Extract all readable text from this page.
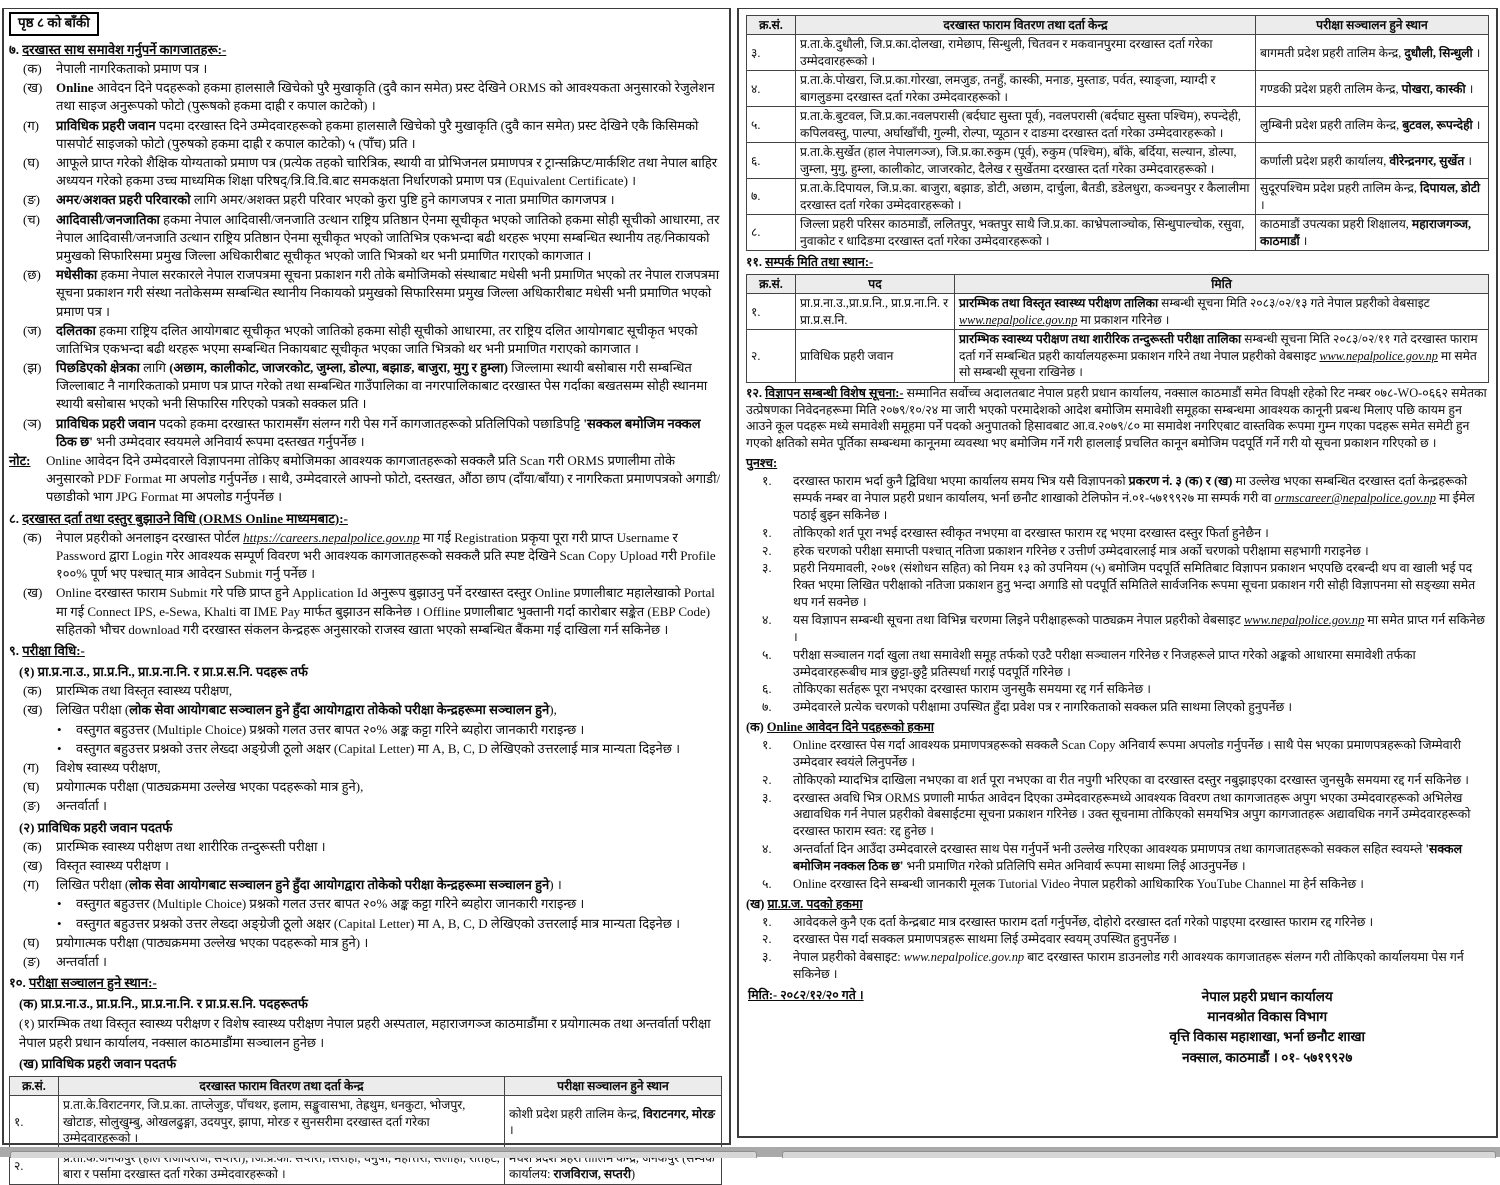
पृष्ठ ८ को बाँकी

७. दरखास्त साथ समावेश गर्नुपर्ने कागजातहरू:-

(क)	नेपाली नागरिकताको प्रमाण पत्र ।
(ख)	Online आवेदन दिने पदहरूको हकमा हालसालै खिचेको पुरै मुखाकृति (दुवै कान समेत) प्रस्ट देखिने ORMS को आवश्यकता अनुसारको रेजुलेशन तथा साइज अनुरूपको फोटो (पुरूषको हकमा दाह्री र कपाल काटेको) ।
(ग)	प्राविधिक प्रहरी जवान पदमा दरखास्त दिने उम्मेदवारहरूको हकमा हालसालै खिचेको पुरै मुखाकृति (दुवै कान समेत) प्रस्ट देखिने एकै किसिमको पासपोर्ट साइजको फोटो (पुरुषको हकमा दाह्री र कपाल काटेको) ५ (पाँच) प्रति ।
(घ)	आफूले प्राप्त गरेको शैक्षिक योग्यताको प्रमाण पत्र (प्रत्येक तहको चारित्रिक, स्थायी वा प्रोभिजनल प्रमाणपत्र र ट्रान्सक्रिप्ट/मार्कशिट तथा नेपाल बाहिर अध्ययन गरेको हकमा उच्च माध्यमिक शिक्षा परिषद्/त्रि.वि.वि.बाट समकक्षता निर्धारणको प्रमाण पत्र (Equivalent Certificate) ।
(ङ)	अमर/अशक्त प्रहरी परिवारको लागि अमर/अशक्त प्रहरी परिवार भएको कुरा पुष्टि हुने कागजपत्र र नाता प्रमाणित कागजपत्र ।
(च)	आदिवासी/जनजातिका हकमा नेपाल आदिवासी/जनजाति उत्थान राष्ट्रिय प्रतिष्ठान ऐनमा सूचीकृत भएको जातिको हकमा सोही सूचीको आधारमा, तर नेपाल आदिवासी/जनजाति उत्थान राष्ट्रिय प्रतिष्ठान ऐनमा सूचीकृत भएको जातिभित्र एकभन्दा बढी थरहरू भएमा सम्बन्धित स्थानीय तह/निकायको प्रमुखको सिफारिसमा प्रमुख जिल्ला अधिकारीबाट सूचीकृत भएको जाति भित्रको थर भनी प्रमाणित गराएको कागजात ।
(छ)	मधेसीका हकमा नेपाल सरकारले नेपाल राजपत्रमा सूचना प्रकाशन गरी तोके बमोजिमको संस्थाबाट मधेसी भनी प्रमाणित भएको तर नेपाल राजपत्रमा सूचना प्रकाशन गरी संस्था नतोकेसम्म सम्बन्धित स्थानीय निकायको प्रमुखको सिफारिसमा प्रमुख जिल्ला अधिकारीबाट मधेसी भनी प्रमाणित भएको प्रमाण पत्र ।
(ज)	दलितका हकमा राष्ट्रिय दलित आयोगबाट सूचीकृत भएको जातिको हकमा सोही सूचीको आधारमा, तर राष्ट्रिय दलित आयोगबाट सूचीकृत भएको जातिभित्र एकभन्दा बढी थरहरू भएमा सम्बन्धित निकायबाट सूचीकृत भएका जाति भित्रको थर भनी प्रमाणित गराएको कागजात ।
(झ)	पिछडिएको क्षेत्रका लागि (अछाम, कालीकोट, जाजरकोट, जुम्ला, डोल्पा, बझाङ, बाजुरा, मुगु र हुम्ला) जिल्लामा स्थायी बसोबास गरी सम्बन्धित जिल्लाबाट नै नागरिकताको प्रमाण पत्र प्राप्त गरेको तथा सम्बन्धित गाउँपालिका वा नगरपालिकाबाट दरखास्त पेस गर्दाका बखतसम्म सोही स्थानमा स्थायी बसोबास भएको भनी सिफारिस गरिएको पत्रको सक्कल प्रति ।
(ञ)	प्राविधिक प्रहरी जवान पदको हकमा दरखास्त फारामसँग संलग्न गरी पेस गर्ने कागजातहरूको प्रतिलिपिको पछाडिपट्टि 'सक्कल बमोजिम नक्कल ठिक छ' भनी उम्मेदवार स्वयमले अनिवार्य रूपमा दस्तखत गर्नुपर्नेछ ।
नोट:	Online आवेदन दिने उम्मेदवारले विज्ञापनमा तोकिए बमोजिमका आवश्यक कागजातहरूको सक्कलै प्रति Scan गरी ORMS प्रणालीमा तोके अनुसारको PDF Format मा अपलोड गर्नुपर्नेछ । साथै, उम्मेदवारले आफ्नो फोटो, दस्तखत, औंठा छाप (दाँया/बाँया) र नागरिकता प्रमाणपत्रको अगाडी/पछाडीको भाग JPG Format मा अपलोड गर्नुपर्नेछ ।

८. दरखास्त दर्ता तथा दस्तुर बुझाउने विधि (ORMS Online माध्यमबाट):-

(क)	नेपाल प्रहरीको अनलाइन दरखास्त पोर्टल https://careers.nepalpolice.gov.np मा गई Registration प्रकृया पूरा गरी प्राप्त Username र Password द्वारा Login गरेर आवश्यक सम्पूर्ण विवरण भरी आवश्यक कागजातहरूको सक्कलै प्रति स्पष्ट देखिने Scan Copy Upload गरी Profile १००% पूर्ण भए पश्चात् मात्र आवेदन Submit गर्नु पर्नेछ ।
(ख)	Online दरखास्त फाराम Submit गरे पछि प्राप्त हुने Application Id अनुरूप बुझाउनु पर्ने दरखास्त दस्तुर Online प्रणालीबाट महालेखाको Portal मा गई Connect IPS, e-Sewa, Khalti वा IME Pay मार्फत बुझाउन सकिनेछ । Offline प्रणालीबाट भुक्तानी गर्दा कारोबार सङ्केत (EBP Code) सहितको भौचर download गरी दरखास्त संकलन केन्द्रहरू अनुसारको राजस्व खाता भएको सम्बन्धित बैंकमा गई दाखिला गर्न सकिनेछ ।

९. परीक्षा विधि:-

(१) प्रा.प्र.ना.उ., प्रा.प्र.नि., प्रा.प्र.ना.नि. र प्रा.प्र.स.नि. पदहरू तर्फ

(क)	प्रारम्भिक तथा विस्तृत स्वास्थ्य परीक्षण,
(ख)	लिखित परीक्षा (लोक सेवा आयोगबाट सञ्चालन हुने हुँदा आयोगद्वारा तोकेको परीक्षा केन्द्रहरूमा सञ्चालन हुने),
•	वस्तुगत बहुउत्तर (Multiple Choice) प्रश्नको गलत उत्तर बापत २०% अङ्क कट्टा गरिने ब्यहोरा जानकारी गराइन्छ ।
•	वस्तुगत बहुउत्तर प्रश्नको उत्तर लेख्दा अङ्ग्रेजी ठूलो अक्षर (Capital Letter) मा A, B, C, D लेखिएको उत्तरलाई मात्र मान्यता दिइनेछ ।
(ग)	विशेष स्वास्थ्य परीक्षण,
(घ)	प्रयोगात्मक परीक्षा (पाठ्यक्रममा उल्लेख भएका पदहरूको मात्र हुने),
(ङ)	अन्तर्वार्ता ।

(२) प्राविधिक प्रहरी जवान पदतर्फ

(क)	प्रारम्भिक स्वास्थ्य परीक्षण तथा शारीरिक तन्दुरूस्ती परीक्षा ।
(ख)	विस्तृत स्वास्थ्य परीक्षण ।
(ग)	लिखित परीक्षा (लोक सेवा आयोगबाट सञ्चालन हुने हुँदा आयोगद्वारा तोकेको परीक्षा केन्द्रहरूमा सञ्चालन हुने) ।
•	वस्तुगत बहुउत्तर (Multiple Choice) प्रश्नको गलत उत्तर बापत २०% अङ्क कट्टा गरिने ब्यहोरा जानकारी गराइन्छ ।
•	वस्तुगत बहुउत्तर प्रश्नको उत्तर लेख्दा अङ्ग्रेजी ठूलो अक्षर (Capital Letter) मा A, B, C, D लेखिएको उत्तरलाई मात्र मान्यता दिइनेछ ।
(घ)	प्रयोगात्मक परीक्षा (पाठ्यक्रममा उल्लेख भएका पदहरूको मात्र हुने) ।
(ङ)	अन्तर्वार्ता ।

१०. परीक्षा सञ्चालन हुने स्थान:-

(क) प्रा.प्र.ना.उ., प्रा.प्र.नि., प्रा.प्र.ना.नि. र प्रा.प्र.स.नि. पदहरूतर्फ

(१) प्रारम्भिक तथा विस्तृत स्वास्थ्य परीक्षण र विशेष स्वास्थ्य परीक्षण नेपाल प्रहरी अस्पताल, महाराजगञ्ज काठमाडौंमा र प्रयोगात्मक तथा अन्तर्वार्ता परीक्षा नेपाल प्रहरी प्रधान कार्यालय, नक्साल काठमाडौंमा सञ्चालन हुनेछ ।

(ख) प्राविधिक प्रहरी जवान पदतर्फ

क्र.सं.	दरखास्त फाराम वितरण तथा दर्ता केन्द्र	परीक्षा सञ्चालन हुने स्थान
१.	प्र.ता.के.विराटनगर, जि.प्र.का. ताप्लेजुङ, पाँचथर, इलाम, सङ्खुवासभा, तेह्रथुम, धनकुटा, भोजपुर, खोटाङ, सोलुखुम्बु, ओखलढुङ्गा, उदयपुर, झापा, मोरङ र सुनसरीमा दरखास्त दर्ता गरेका उम्मेदवारहरूको ।	कोशी प्रदेश प्रहरी तालिम केन्द्र, विराटनगर, मोरङ ।
२.	बारा र पर्सामा दरखास्त दर्ता गरेका उम्मेदवारहरूको ।	कार्यालय: राजविराज, सप्तरी)
क्र.सं.	दरखास्त फाराम वितरण तथा दर्ता केन्द्र	परीक्षा सञ्चालन हुने स्थान
३.	प्र.ता.के.दुधौली, जि.प्र.का.दोलखा, रामेछाप, सिन्धुली, चितवन र मकवानपुरमा दरखास्त दर्ता गरेका उम्मेदवारहरूको ।	बागमती प्रदेश प्रहरी तालिम केन्द्र, दुधौली, सिन्धुली ।
४.	प्र.ता.के.पोखरा, जि.प्र.का.गोरखा, लमजुङ, तनहुँ, कास्की, मनाङ, मुस्ताङ, पर्वत, स्याङ्जा, म्याग्दी र बागलुङमा दरखास्त दर्ता गरेका उम्मेदवारहरूको ।	गण्डकी प्रदेश प्रहरी तालिम केन्द्र, पोखरा, कास्की ।
५.	प्र.ता.के.बुटवल, जि.प्र.का.नवलपरासी (बर्दघाट सुस्ता पूर्व), नवलपरासी (बर्दघाट सुस्ता पश्चिम), रुपन्देही, कपिलवस्तु, पाल्पा, अर्घाखाँची, गुल्मी, रोल्पा, प्यूठान र दाङमा दरखास्त दर्ता गरेका उम्मेदवारहरूको ।	लुम्बिनी प्रदेश प्रहरी तालिम केन्द्र, बुटवल, रूपन्देही ।
६.	प्र.ता.के.सुर्खेत (हाल नेपालगञ्ज), जि.प्र.का.रुकुम (पूर्व), रुकुम (पश्चिम), बाँके, बर्दिया, सल्यान, डोल्पा, जुम्ला, मुगु, हुम्ला, कालीकोट, जाजरकोट, दैलेख र सुर्खेतमा दरखास्त दर्ता गरेका उम्मेदवारहरूको ।	कर्णाली प्रदेश प्रहरी कार्यालय, वीरेन्द्रनगर, सुर्खेत ।
७.	प्र.ता.के.दिपायल, जि.प्र.का. बाजुरा, बझाङ, डोटी, अछाम, दार्चुला, बैतडी, डडेलधुरा, कञ्चनपुर र कैलालीमा दरखास्त दर्ता गरेका उम्मेदवारहरूको ।	सुदूरपश्चिम प्रदेश प्रहरी तालिम केन्द्र, दिपायल, डोटी ।
८.	जिल्ला प्रहरी परिसर काठमाडौं, ललितपुर, भक्तपुर साथै जि.प्र.का. काभ्रेपलाञ्चोक, सिन्धुपाल्चोक, रसुवा, नुवाकोट र धादिङमा दरखास्त दर्ता गरेका उम्मेदवारहरूको ।	काठमाडौं उपत्यका प्रहरी शिक्षालय, महाराजगञ्ज, काठमाडौं ।

११. सम्पर्क मिति तथा स्थान:-

क्र.सं.	पद	मिति
१.	प्रा.प्र.ना.उ.,प्रा.प्र.नि., प्रा.प्र.ना.नि. र प्रा.प्र.स.नि.	प्रारम्भिक तथा विस्तृत स्वास्थ्य परीक्षण तालिका सम्बन्धी सूचना मिति २०८३/०२/१३ गते नेपाल प्रहरीको वेबसाइट www.nepalpolice.gov.np मा प्रकाशन गरिनेछ ।
२.	प्राविधिक प्रहरी जवान	प्रारम्भिक स्वास्थ्य परीक्षण तथा शारीरिक तन्दुरूस्ती परीक्षा तालिका सम्बन्धी सूचना मिति २०८३/०२/११ गते दरखास्त फाराम दर्ता गर्ने सम्बन्धित प्रहरी कार्यालयहरूमा प्रकाशन गरिने तथा नेपाल प्रहरीको वेबसाइट www.nepalpolice.gov.np मा समेत सो सम्बन्धी सूचना राखिनेछ ।

१२. विज्ञापन सम्बन्धी विशेष सूचना:- सम्मानित सर्वोच्च अदालतबाट नेपाल प्रहरी प्रधान कार्यालय, नक्साल काठमाडौं समेत विपक्षी रहेको रिट नम्बर ०७८-WO-०६६२ समेतका उत्प्रेषणका निवेदनहरूमा मिति २०७९/१०/२४ मा जारी भएको परमादेशको आदेश बमोजिम समावेशी समूहका सम्बन्धमा आवश्यक कानूनी प्रबन्ध मिलाए पछि कायम हुन आउने कूल पदहरू मध्ये समावेशी समूहमा पर्ने पदको अनुपातको हिसावबाट आ.व.२०७९/८० मा समावेश नगरिएबाट वास्तविक रूपमा गुम्न गएका पदहरू समेत समेटी हुन गएको क्षतिको समेत पूर्तिका सम्बन्धमा कानूनमा व्यवस्था भए बमोजिम गर्ने गरी हाललाई प्रचलित कानून बमोजिम पदपूर्ति गर्ने गरी यो सूचना प्रकाशन गरिएको छ ।

पुनश्च:

१.	दरखास्त फाराम भर्दा कुनै द्विविधा भएमा कार्यालय समय भित्र यसै विज्ञापनको प्रकरण नं. ३ (क) र (ख) मा उल्लेख भएका सम्बन्धित दरखास्त दर्ता केन्द्रहरूको सम्पर्क नम्बर वा नेपाल प्रहरी प्रधान कार्यालय, भर्ना छनौट शाखाको टेलिफोन नं.०१-५७१९९२७ मा सम्पर्क गरी वा ormscareer@nepalpolice.gov.np मा ईमेल पठाई बुझ्न सकिनेछ ।
१.	तोकिएको शर्त पूरा नभई दरखास्त स्वीकृत नभएमा वा दरखास्त फाराम रद्द भएमा दरखास्त दस्तुर फिर्ता हुनेछैन ।
२.	हरेक चरणको परीक्षा समाप्ती पश्चात् नतिजा प्रकाशन गरिनेछ र उत्तीर्ण उम्मेदवारलाई मात्र अर्को चरणको परीक्षामा सहभागी गराइनेछ ।
३.	प्रहरी नियमावली, २०७१ (संशोधन सहित) को नियम १३ को उपनियम (५) बमोजिम पदपूर्ति समितिबाट विज्ञापन प्रकाशन भएपछि दरबन्दी थप वा खाली भई पद रिक्त भएमा लिखित परीक्षाको नतिजा प्रकाशन हुनु भन्दा अगाडि सो पदपूर्ति समितिले सार्वजनिक रूपमा सूचना प्रकाशन गरी सोही विज्ञापनमा सो सङ्ख्या समेत थप गर्न सक्नेछ ।
४.	यस विज्ञापन सम्बन्धी सूचना तथा विभिन्न चरणमा लिइने परीक्षाहरूको पाठ्यक्रम नेपाल प्रहरीको वेबसाइट www.nepalpolice.gov.np मा समेत प्राप्त गर्न सकिनेछ ।
५.	परीक्षा सञ्चालन गर्दा खुला तथा समावेशी समूह तर्फको एउटै परीक्षा सञ्चालन गरिनेछ र निजहरूले प्राप्त गरेको अङ्कको आधारमा समावेशी तर्फका उम्मेदवारहरूबीच मात्र छुट्टा-छुट्टै प्रतिस्पर्धा गराई पदपूर्ति गरिनेछ ।
६.	तोकिएका सर्तहरू पूरा नभएका दरखास्त फाराम जुनसुकै समयमा रद्द गर्न सकिनेछ ।
७.	उम्मेदवारले प्रत्येक चरणको परीक्षामा उपस्थित हुँदा प्रवेश पत्र र नागरिकताको सक्कल प्रति साथमा लिएको हुनुपर्नेछ ।

(क) Online आवेदन दिने पदहरूको हकमा

१.	Online दरखास्त पेस गर्दा आवश्यक प्रमाणपत्रहरूको सक्कलै Scan Copy अनिवार्य रूपमा अपलोड गर्नुपर्नेछ । साथै पेस भएका प्रमाणपत्रहरूको जिम्मेवारी उम्मेदवार स्वयंले लिनुपर्नेछ ।
२.	तोकिएको म्यादभित्र दाखिला नभएका वा शर्त पूरा नभएका वा रीत नपुगी भरिएका वा दरखास्त दस्तुर नबुझाइएका दरखास्त जुनसुकै समयमा रद्द गर्न सकिनेछ ।
३.	दरखास्त अवधि भित्र ORMS प्रणाली मार्फत आवेदन दिएका उम्मेदवारहरूमध्ये आवश्यक विवरण तथा कागजातहरू अपुग भएका उम्मेदवारहरूको अभिलेख अद्यावधिक गर्न नेपाल प्रहरीको वेबसाईटमा सूचना प्रकाशन गरिनेछ । उक्त सूचनामा तोकिएको समयभित्र अपुग कागजातहरू अद्यावधिक नगर्ने उम्मेदवारहरूको दरखास्त फाराम स्वत: रद्द हुनेछ ।
४.	अन्तर्वार्ता दिन आउँदा उम्मेदवारले दरखास्त साथ पेस गर्नुपर्ने भनी उल्लेख गरिएका आवश्यक प्रमाणपत्र तथा कागजातहरूको सक्कल सहित स्वयम्ले 'सक्कल बमोजिम नक्कल ठिक छ' भनी प्रमाणित गरेको प्रतिलिपि समेत अनिवार्य रूपमा साथमा लिई आउनुपर्नेछ ।
५.	Online दरखास्त दिने सम्बन्धी जानकारी मूलक Tutorial Video नेपाल प्रहरीको आधिकारिक YouTube Channel मा हेर्न सकिनेछ ।

(ख) प्रा.प्र.ज. पदको हकमा

१.	आवेदकले कुनै एक दर्ता केन्द्रबाट मात्र दरखास्त फाराम दर्ता गर्नुपर्नेछ, दोहोरो दरखास्त दर्ता गरेको पाइएमा दरखास्त फाराम रद्द गरिनेछ ।
२.	दरखास्त पेस गर्दा सक्कल प्रमाणपत्रहरू साथमा लिई उम्मेदवार स्वयम् उपस्थित हुनुपर्नेछ ।
३.	नेपाल प्रहरीको वेबसाइट: www.nepalpolice.gov.np बाट दरखास्त फाराम डाउनलोड गरी आवश्यक कागजातहरू संलग्न गरी तोकिएको कार्यालयमा पेस गर्न सकिनेछ ।
मिति:- २०८२/१२/२० गते ।	नेपाल प्रहरी प्रधान कार्यालय
मानवश्रोत विकास विभाग
वृत्ति विकास महाशाखा, भर्ना छनौट शाखा
नक्साल, काठमाडौं । ०१- ५७१९९२७
